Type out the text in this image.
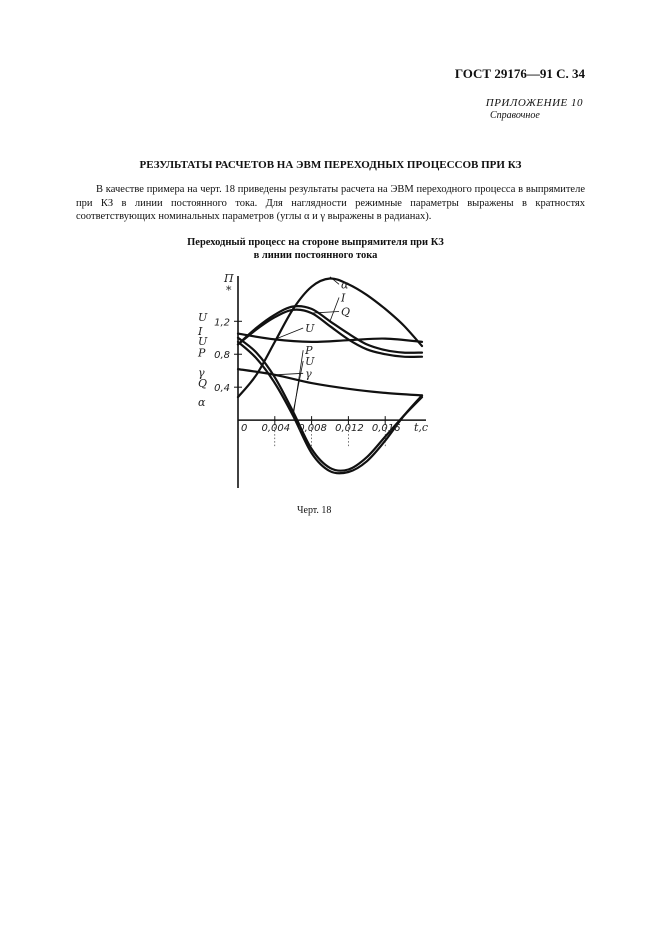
ГОСТ 29176—91 С. 34
ПРИЛОЖЕНИЕ 10
Справочное
РЕЗУЛЬТАТЫ РАСЧЕТОВ НА ЭВМ ПЕРЕХОДНЫХ ПРОЦЕССОВ ПРИ КЗ
В качестве примера на черт. 18 приведены результаты расчета на ЭВМ переходного процесса в выпрямителе при КЗ в линии постоянного тока. Для наглядности режимные параметры выражены в кратностях соответствующих номинальных параметров (углы α и γ выражены в радианах).
Переходный процесс на стороне выпрямителя при КЗ
в линии постоянного тока
1,2
0,8
0,4
0 0,004 0,008 0,012 0,016
П
*
t,c
U
I
U
P
γ
Q
α
α
I
Q
U
P
U
γ
Черт. 18
